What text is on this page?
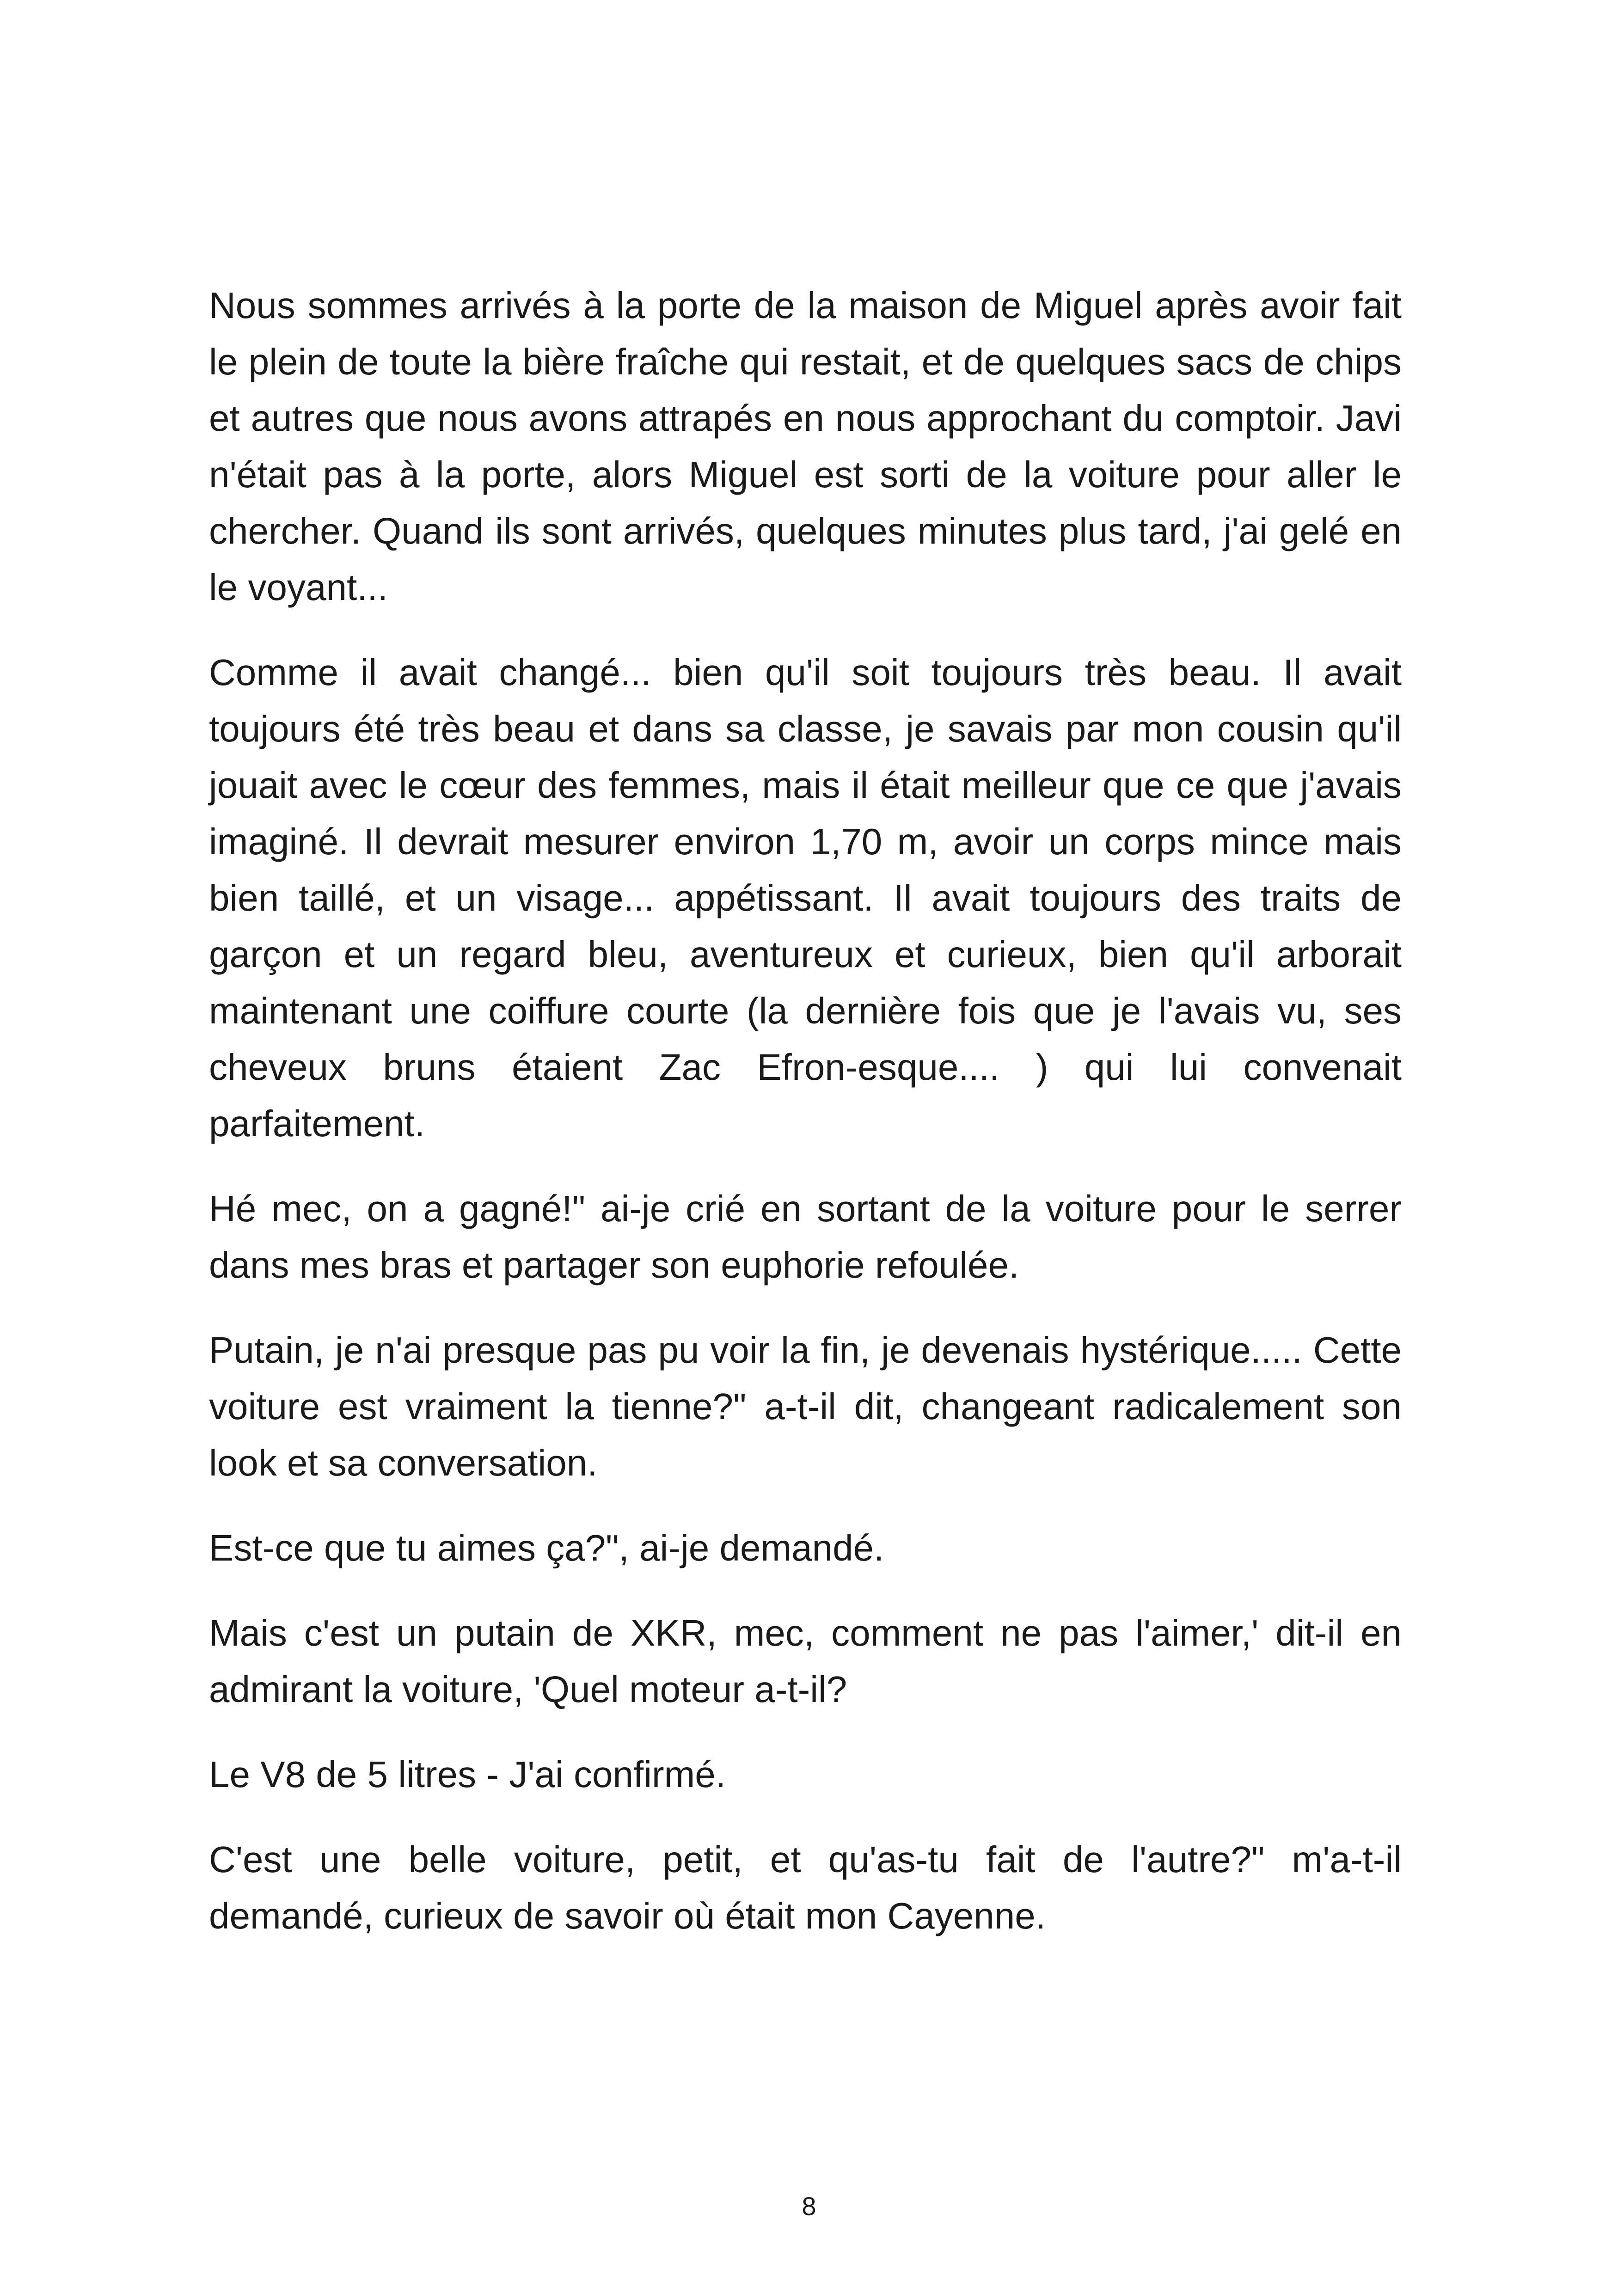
Nous sommes arrivés à la porte de la maison de Miguel après avoir fait le plein de toute la bière fraîche qui restait, et de quelques sacs de chips et autres que nous avons attrapés en nous approchant du comptoir. Javi n'était pas à la porte, alors Miguel est sorti de la voiture pour aller le chercher. Quand ils sont arrivés, quelques minutes plus tard, j'ai gelé en le voyant...

Comme il avait changé... bien qu'il soit toujours très beau. Il avait toujours été très beau et dans sa classe, je savais par mon cousin qu'il jouait avec le cœur des femmes, mais il était meilleur que ce que j'avais imaginé. Il devrait mesurer environ 1,70 m, avoir un corps mince mais bien taillé, et un visage... appétissant. Il avait toujours des traits de garçon et un regard bleu, aventureux et curieux, bien qu'il arborait maintenant une coiffure courte (la dernière fois que je l'avais vu, ses cheveux bruns étaient Zac Efron-esque.... ) qui lui convenait parfaitement.

Hé mec, on a gagné!" ai-je crié en sortant de la voiture pour le serrer dans mes bras et partager son euphorie refoulée.

Putain, je n'ai presque pas pu voir la fin, je devenais hystérique..... Cette voiture est vraiment la tienne?" a-t-il dit, changeant radicalement son look et sa conversation.

Est-ce que tu aimes ça?", ai-je demandé.

Mais c'est un putain de XKR, mec, comment ne pas l'aimer,' dit-il en admirant la voiture, 'Quel moteur a-t-il?

Le V8 de 5 litres - J'ai confirmé.

C'est une belle voiture, petit, et qu'as-tu fait de l'autre?" m'a-t-il demandé, curieux de savoir où était mon Cayenne.

8
